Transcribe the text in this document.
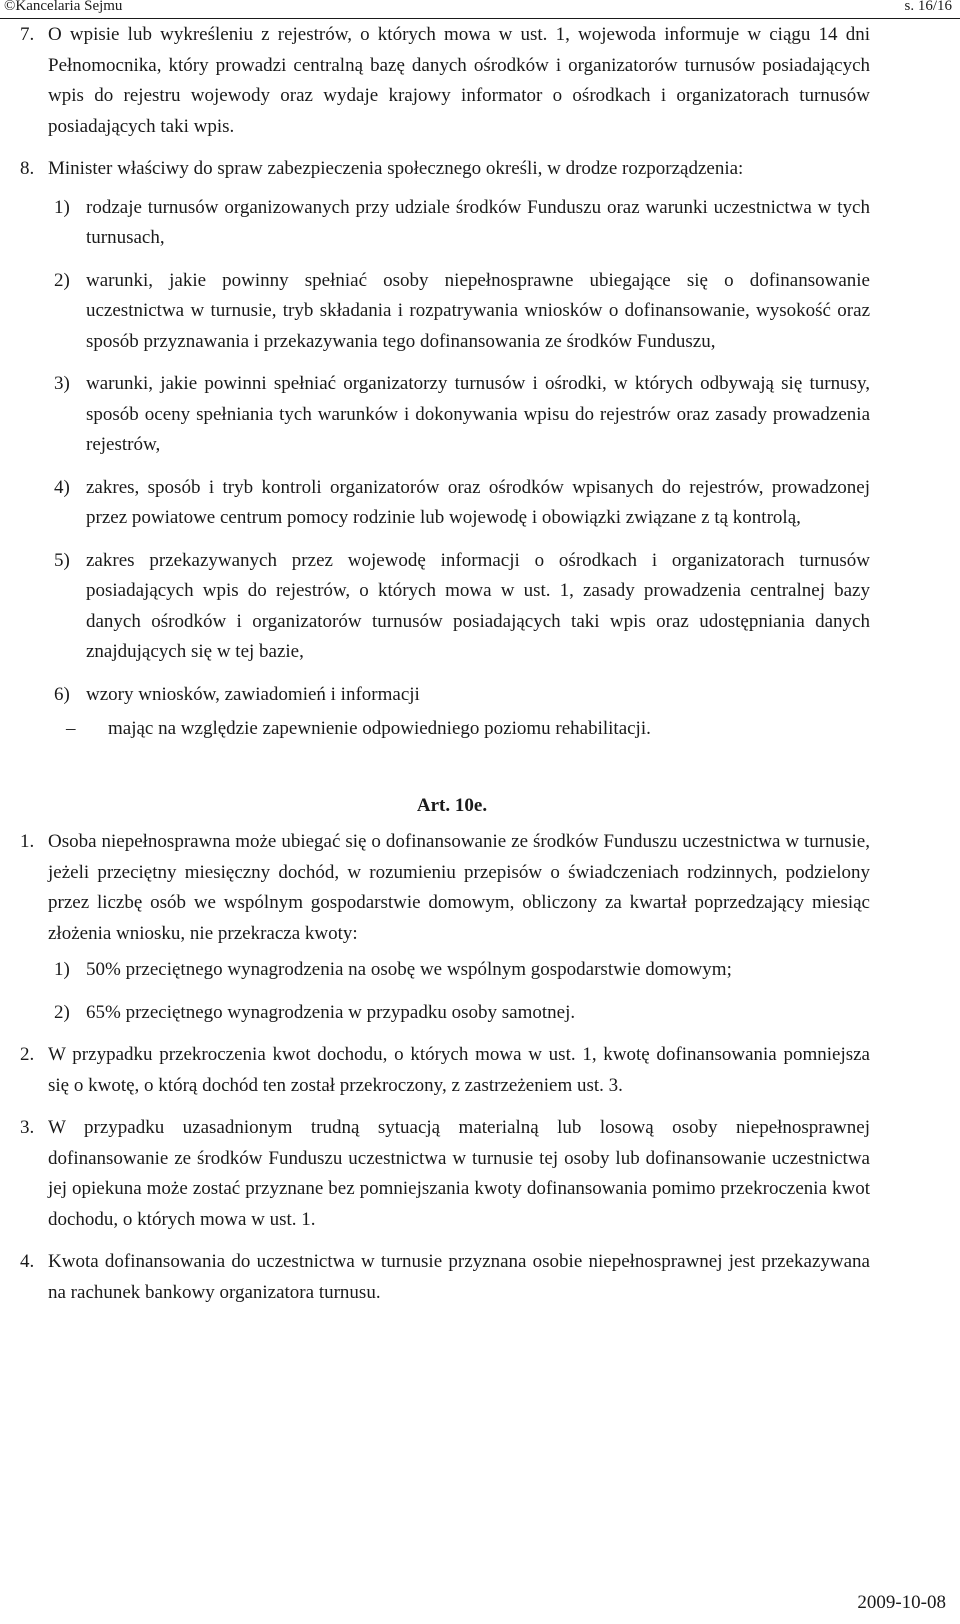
©Kancelaria Sejmu	s. 16/16
7. O wpisie lub wykreśleniu z rejestrów, o których mowa w ust. 1, wojewoda informuje w ciągu 14 dni Pełnomocnika, który prowadzi centralną bazę danych ośrodków i organizatorów turnusów posiadających wpis do rejestru wojewody oraz wydaje krajowy informator o ośrodkach i organizatorach turnusów posiadających taki wpis.
8. Minister właściwy do spraw zabezpieczenia społecznego określi, w drodze rozporządzenia:
1) rodzaje turnusów organizowanych przy udziale środków Funduszu oraz warunki uczestnictwa w tych turnusach,
2) warunki, jakie powinny spełniać osoby niepełnosprawne ubiegające się o dofinansowanie uczestnictwa w turnusie, tryb składania i rozpatrywania wniosków o dofinansowanie, wysokość oraz sposób przyznawania i przekazywania tego dofinansowania ze środków Funduszu,
3) warunki, jakie powinni spełniać organizatorzy turnusów i ośrodki, w których odbywają się turnusy, sposób oceny spełniania tych warunków i dokonywania wpisu do rejestrów oraz zasady prowadzenia rejestrów,
4) zakres, sposób i tryb kontroli organizatorów oraz ośrodków wpisanych do rejestrów, prowadzonej przez powiatowe centrum pomocy rodzinie lub wojewodę i obowiązki związane z tą kontrolą,
5) zakres przekazywanych przez wojewodę informacji o ośrodkach i organizatorach turnusów posiadających wpis do rejestrów, o których mowa w ust. 1, zasady prowadzenia centralnej bazy danych ośrodków i organizatorów turnusów posiadających taki wpis oraz udostępniania danych znajdujących się w tej bazie,
6) wzory wniosków, zawiadomień i informacji
–	mając na względzie zapewnienie odpowiedniego poziomu rehabilitacji.
Art. 10e.
1. Osoba niepełnosprawna może ubiegać się o dofinansowanie ze środków Funduszu uczestnictwa w turnusie, jeżeli przeciętny miesięczny dochód, w rozumieniu przepisów o świadczeniach rodzinnych, podzielony przez liczbę osób we wspólnym gospodarstwie domowym, obliczony za kwartał poprzedzający miesiąc złożenia wniosku, nie przekracza kwoty:
1) 50% przeciętnego wynagrodzenia na osobę we wspólnym gospodarstwie domowym;
2) 65% przeciętnego wynagrodzenia w przypadku osoby samotnej.
2. W przypadku przekroczenia kwot dochodu, o których mowa w ust. 1, kwotę dofinansowania pomniejsza się o kwotę, o którą dochód ten został przekroczony, z zastrzeżeniem ust. 3.
3. W przypadku uzasadnionym trudną sytuacją materialną lub losową osoby niepełnosprawnej dofinansowanie ze środków Funduszu uczestnictwa w turnusie tej osoby lub dofinansowanie uczestnictwa jej opiekuna może zostać przyznane bez pomniejszania kwoty dofinansowania pomimo przekroczenia kwot dochodu, o których mowa w ust. 1.
4. Kwota dofinansowania do uczestnictwa w turnusie przyznana osobie niepełnosprawnej jest przekazywana na rachunek bankowy organizatora turnusu.
2009-10-08
